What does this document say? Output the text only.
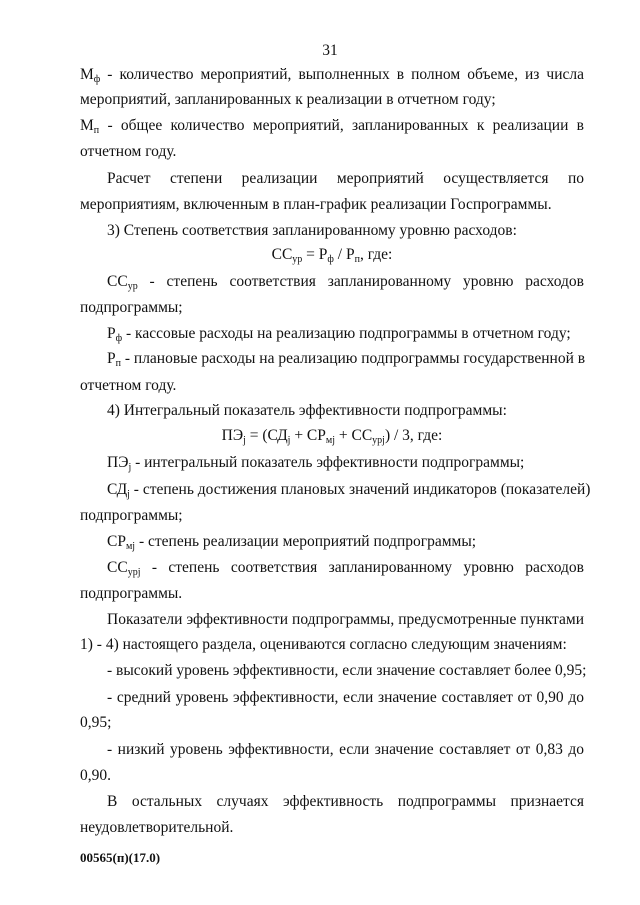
31
$М_ф$ - количество мероприятий, выполненных в полном объеме, из числа
мероприятий, запланированных к реализации в отчетном году;
$М_п$ - общее количество мероприятий, запланированных к реализации в
отчетном году.
Расчет степени реализации мероприятий осуществляется по
мероприятиям, включенным в план-график реализации Госпрограммы.
3) Степень соответствия запланированному уровню расходов:
$СС_{ур} = Р_ф / Р_п$, где:
$СС_{ур}$ - степень соответствия запланированному уровню расходов
подпрограммы;
$Р_ф$ - кассовые расходы на реализацию подпрограммы в отчетном году;
$Р_п$ - плановые расходы на реализацию подпрограммы государственной в
отчетном году.
4) Интегральный показатель эффективности подпрограммы:
$ПЭ_j = (СД_j + СР_{мj} + СС_{урj}) / 3$, где:
$ПЭ_j$ - интегральный показатель эффективности подпрограммы;
$СД_j$ - степень достижения плановых значений индикаторов (показателей)
подпрограммы;
$СР_{мj}$ - степень реализации мероприятий подпрограммы;
$СС_{урj}$ - степень соответствия запланированному уровню расходов
подпрограммы.
Показатели эффективности подпрограммы, предусмотренные пунктами
1) - 4) настоящего раздела, оцениваются согласно следующим значениям:
- высокий уровень эффективности, если значение составляет более 0,95;
- средний уровень эффективности, если значение составляет от 0,90 до
0,95;
- низкий уровень эффективности, если значение составляет от 0,83 до
0,90.
В остальных случаях эффективность подпрограммы признается
неудовлетворительной.
00565(п)(17.0)
